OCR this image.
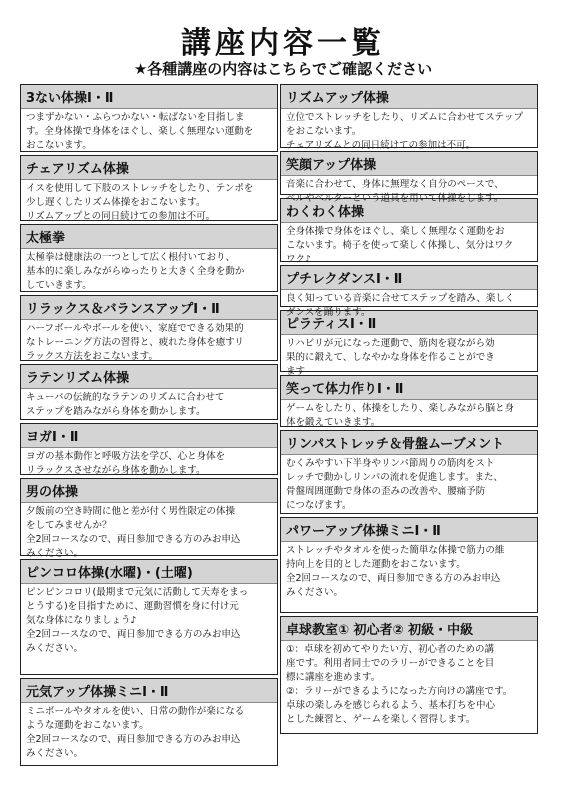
講座内容一覧
★各種講座の内容はこちらでご確認ください
3ない体操Ⅰ・Ⅱ

つまずかない・ふらつかない・転ばないを目指しま

す。全身体操で身体をほぐし、楽しく無理ない運動を

おこないます。

チェアリズム体操

イスを使用して下肢のストレッチをしたり、テンポを

少し遅くしたリズム体操をおこないます。

リズムアップとの同日続けての参加は不可。

太極拳

太極拳は健康法の一つとして広く根付いており、

基本的に楽しみながらゆったりと大きく全身を動か

していきます。

リラックス＆バランスアップⅠ・Ⅱ

ハーフボールやボールを使い、家庭でできる効果的

なトレーニング方法の習得と、疲れた身体を癒すリ

ラックス方法をおこないます。

ラテンリズム体操

キューバの伝統的なラテンのリズムに合わせて

ステップを踏みながら身体を動かします。

ヨガⅠ・Ⅱ

ヨガの基本動作と呼吸方法を学び、心と身体を

リラックスさせながら身体を動かします。

男の体操

夕飯前の空き時間に他と差が付く男性限定の体操

をしてみませんか？

全2回コースなので、両日参加できる方のみお申込

みください。

ピンコロ体操(水曜)・(土曜)

ピンピンコロリ(最期まで元気に活動して天寿をまっ

とうする)を目指すために、運動習慣を身に付け元

気な身体になりましょう♪

全2回コースなので、両日参加できる方のみお申込

みください。

元気アップ体操ミニⅠ・Ⅱ

ミニボールやタオルを使い、日常の動作が楽になる

ような運動をおこないます。

全2回コースなので、両日参加できる方のみお申込

みください。

リズムアップ体操

立位でストレッチをしたり、リズムに合わせてステップ

をおこないます。

チェアリズムとの同日続けての参加は不可。

笑顔アップ体操

音楽に合わせて、身体に無理なく自分のペースで、

ベルやベルターという道具を用いて体操をします。

わくわく体操

全身体操で身体をほぐし、楽しく無理なく運動をお

こないます。椅子を使って楽しく体操し、気分はワク

ワク♪

プチレクダンスⅠ・Ⅱ

良く知っている音楽に合せてステップを踏み、楽しく

ピラティスⅠ・Ⅱ

リハビリが元になった運動で、筋肉を寝ながら効

果的に鍛えて、しなやかな身体を作ることができ

ます

笑って体力作りⅠ・Ⅱ

ゲームをしたり、体操をしたり、楽しみながら脳と身

体を鍛えていきます。

リンパストレッチ＆骨盤ムーブメント

むくみやすい下半身やリンパ節周りの筋肉をスト

レッチで動かしリンパの流れを促進します。また、

骨盤周囲運動で身体の歪みの改善や、腰痛予防

につなげます。

パワーアップ体操ミニⅠ・Ⅱ

ストレッチやタオルを使った簡単な体操で筋力の維

持向上を目的とした運動をおこないます。

全2回コースなので、両日参加できる方のみお申込

みください。

卓球教室① 初心者② 初級・中級

①：卓球を初めてやりたい方、初心者のための講

座です。利用者同士でのラリーができることを目

標に講座を進めます。

②：ラリーができるようになった方向けの講座です。

卓球の楽しみを感じられるよう、基本打ちを中心

とした練習と、ゲームを楽しく習得します。
